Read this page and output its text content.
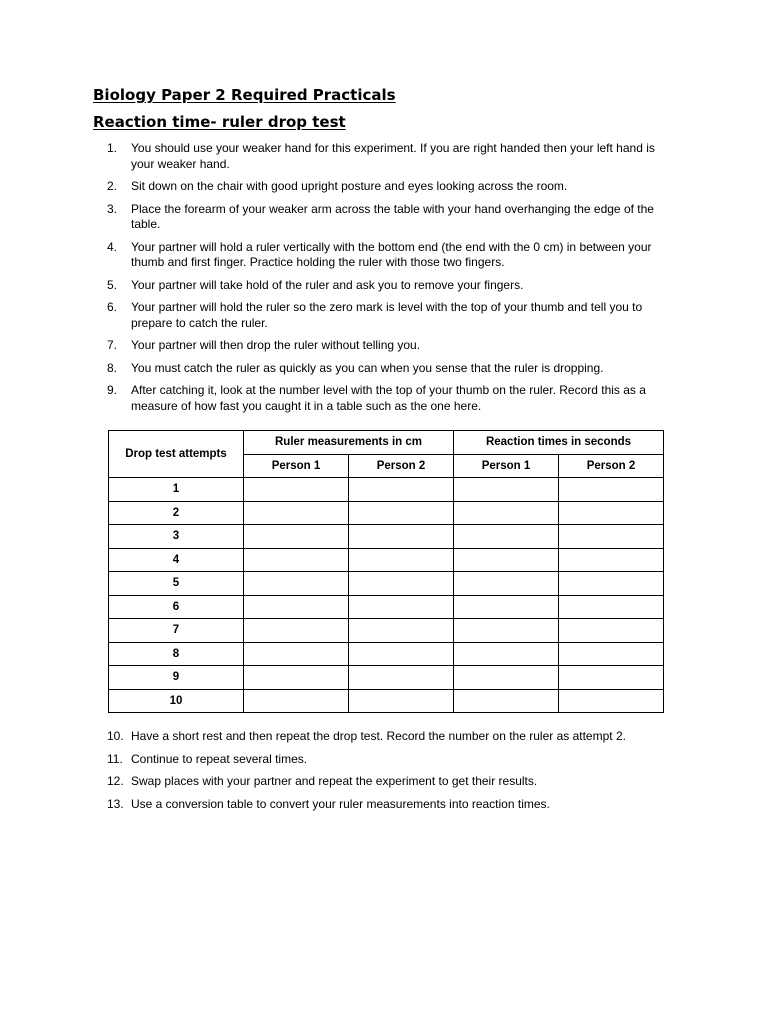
Biology Paper 2 Required Practicals

Reaction time- ruler drop test

1. You should use your weaker hand for this experiment. If you are right handed then your left hand is your weaker hand.
2. Sit down on the chair with good upright posture and eyes looking across the room.
3. Place the forearm of your weaker arm across the table with your hand overhanging the edge of the table.
4. Your partner will hold a ruler vertically with the bottom end (the end with the 0 cm) in between your thumb and first finger. Practice holding the ruler with those two fingers.
5. Your partner will take hold of the ruler and ask you to remove your fingers.
6. Your partner will hold the ruler so the zero mark is level with the top of your thumb and tell you to prepare to catch the ruler.
7. Your partner will then drop the ruler without telling you.
8. You must catch the ruler as quickly as you can when you sense that the ruler is dropping.
9. After catching it, look at the number level with the top of your thumb on the ruler. Record this as a measure of how fast you caught it in a table such as the one here.
Drop test attempts	Ruler measurements in cm		Reaction times in seconds	
	Person 1	Person 2	Person 1	Person 2
1				
2				
3				
4				
5				
6				
7				
8				
9				
10				
10. Have a short rest and then repeat the drop test. Record the number on the ruler as attempt 2.
11. Continue to repeat several times.
12. Swap places with your partner and repeat the experiment to get their results.
13. Use a conversion table to convert your ruler measurements into reaction times.
